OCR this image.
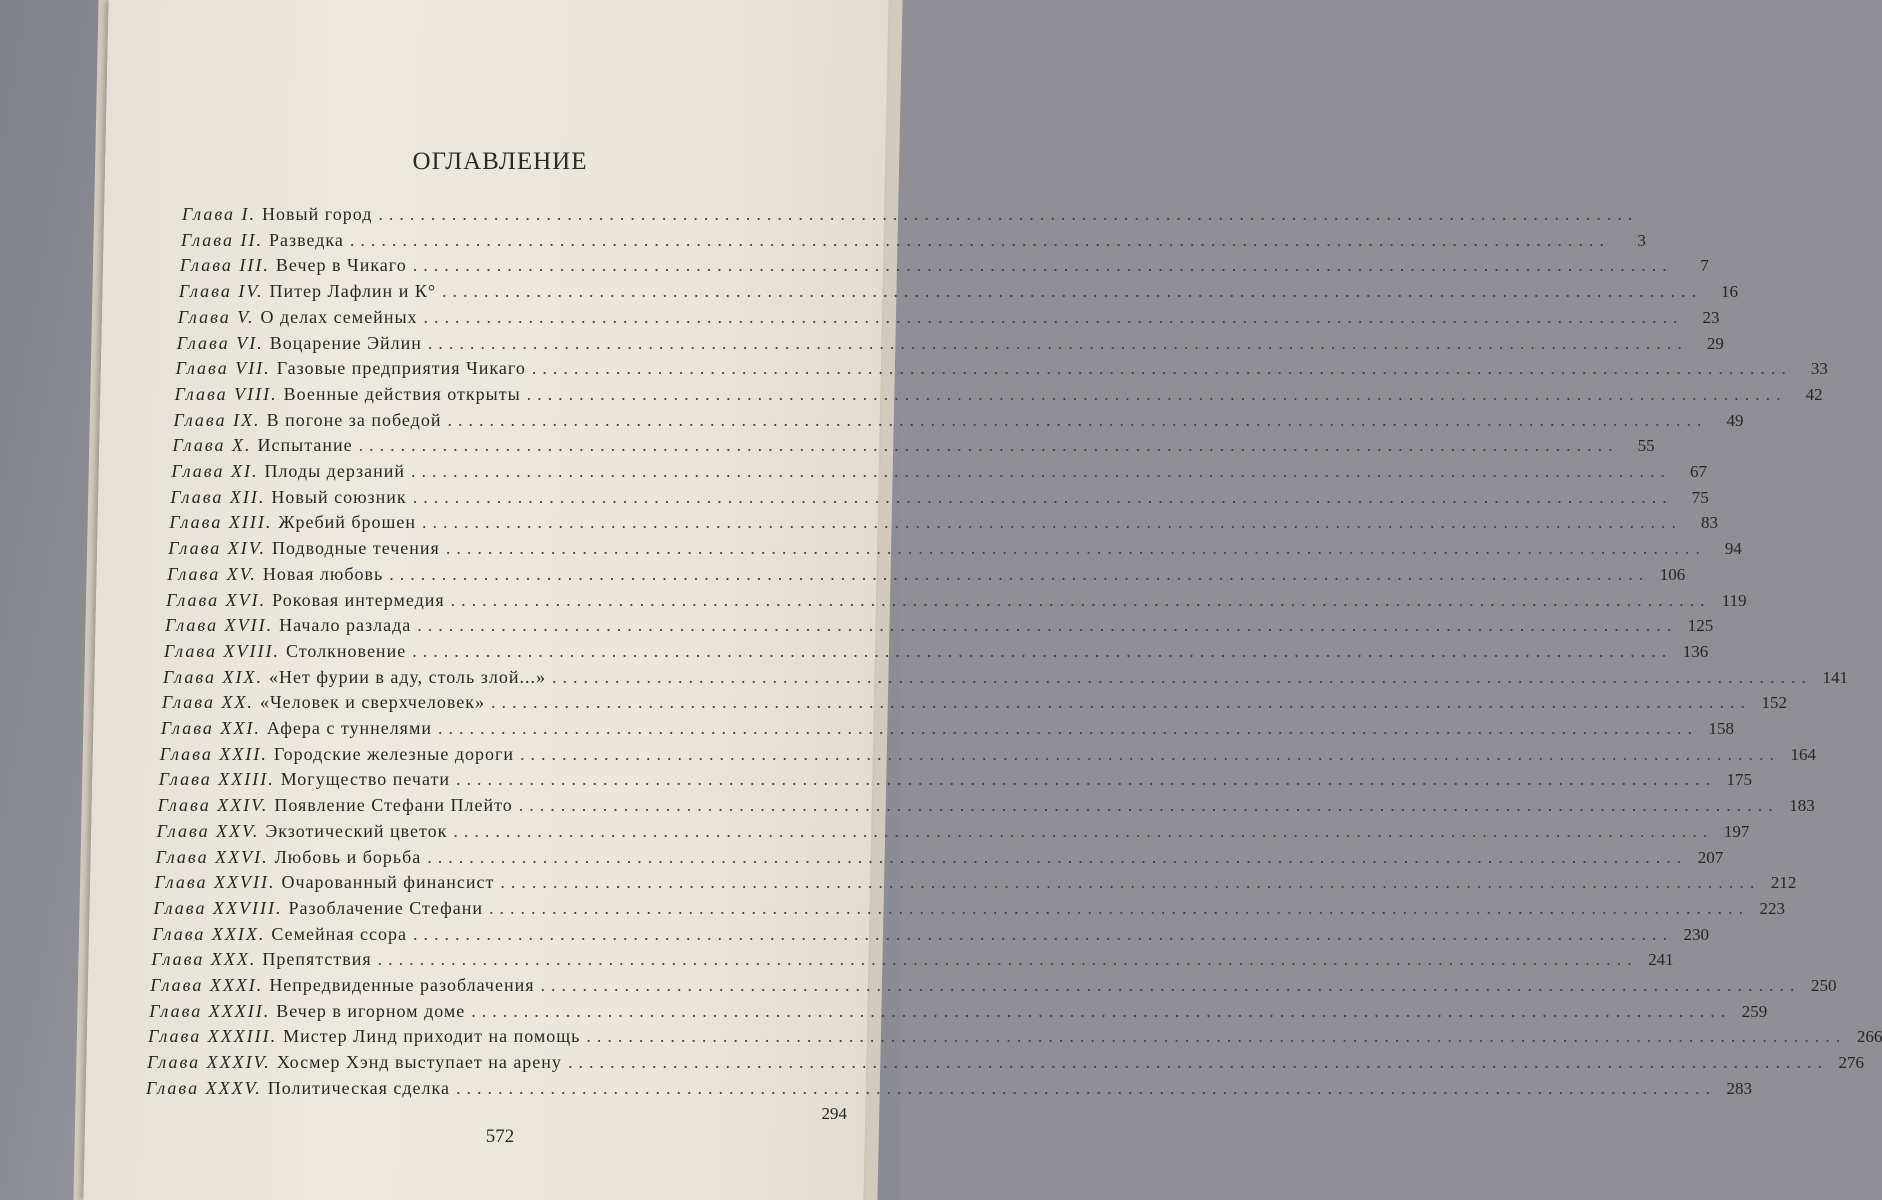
ОГЛАВЛЕНИЕ
Глава I. Новый город ........................................................................................................................
Глава II. Разведка ........................................................................................................................	3
Глава III. Вечер в Чикаго ........................................................................................................................	7
Глава IV. Питер Лафлин и К° ........................................................................................................................	16
Глава V. О делах семейных ........................................................................................................................	23
Глава VI. Воцарение Эйлин ........................................................................................................................	29
Глава VII. Газовые предприятия Чикаго ........................................................................................................................	33
Глава VIII. Военные действия открыты ........................................................................................................................	42
Глава IX. В погоне за победой ........................................................................................................................	49
Глава X. Испытание ........................................................................................................................	55
Глава XI. Плоды дерзаний ........................................................................................................................	67
Глава XII. Новый союзник ........................................................................................................................	75
Глава XIII. Жребий брошен ........................................................................................................................	83
Глава XIV. Подводные течения ........................................................................................................................	94
Глава XV. Новая любовь ........................................................................................................................ 106
Глава XVI. Роковая интермедия ........................................................................................................................ 119
Глава XVII. Начало разлада ........................................................................................................................ 125
Глава XVIII. Столкновение ........................................................................................................................ 136
Глава XIX. «Нет фурии в аду, столь злой...» ........................................................................................................................ 141
Глава XX. «Человек и сверхчеловек» ........................................................................................................................ 152
Глава XXI. Афера с туннелями ........................................................................................................................ 158
Глава XXII. Городские железные дороги ........................................................................................................................ 164
Глава XXIII. Могущество печати ........................................................................................................................ 175
Глава XXIV. Появление Стефани Плейто ........................................................................................................................ 183
Глава XXV. Экзотический цветок ........................................................................................................................ 197
Глава XXVI. Любовь и борьба ........................................................................................................................ 207
Глава XXVII. Очарованный финансист ........................................................................................................................ 212
Глава XXVIII. Разоблачение Стефани ........................................................................................................................ 223
Глава XXIX. Семейная ссора ........................................................................................................................ 230
Глава XXX. Препятствия ........................................................................................................................ 241
Глава XXXI. Непредвиденные разоблачения ........................................................................................................................ 250
Глава XXXII. Вечер в игорном доме ........................................................................................................................ 259
Глава XXXIII. Мистер Линд приходит на помощь ........................................................................................................................ 266
Глава XXXIV. Хосмер Хэнд выступает на арену ........................................................................................................................ 276
Глава XXXV. Политическая сделка ........................................................................................................................ 283
294
572
